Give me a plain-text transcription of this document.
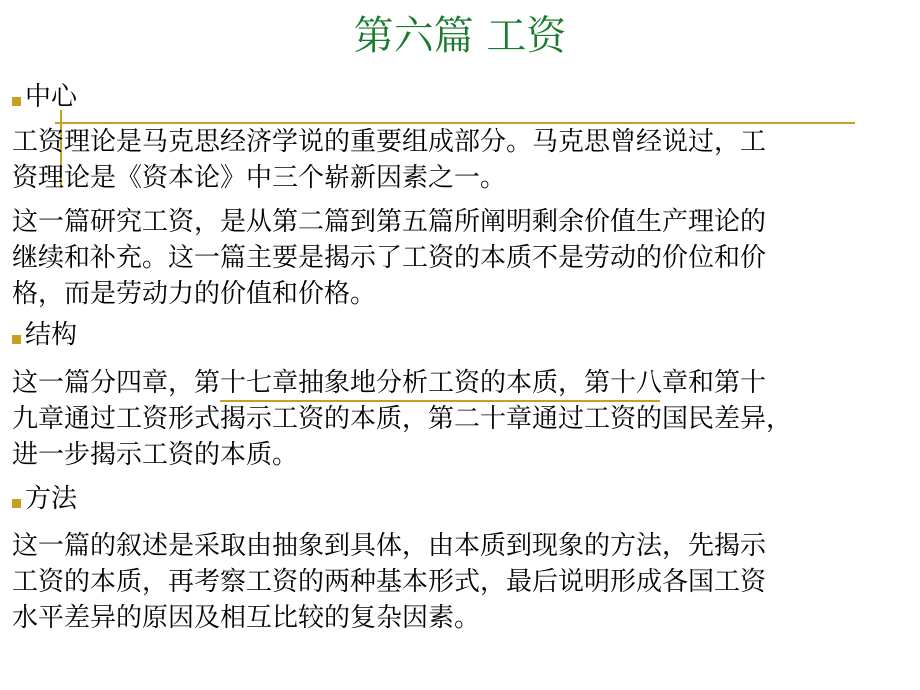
第六篇 工资
中心

工资理论是马克思经济学说的重要组成部分。马克思曾经说过，工
资理论是《资本论》中三个崭新因素之一。

这一篇研究工资，是从第二篇到第五篇所阐明剩余价值生产理论的
继续和补充。这一篇主要是揭示了工资的本质不是劳动的价位和价
格，而是劳动力的价值和价格。

结构

这一篇分四章，第十七章抽象地分析工资的本质，第十八章和第十
九章通过工资形式揭示工资的本质，第二十章通过工资的国民差异，
进一步揭示工资的本质。

方法

这一篇的叙述是采取由抽象到具体，由本质到现象的方法，先揭示
工资的本质，再考察工资的两种基本形式，最后说明形成各国工资
水平差异的原因及相互比较的复杂因素。
